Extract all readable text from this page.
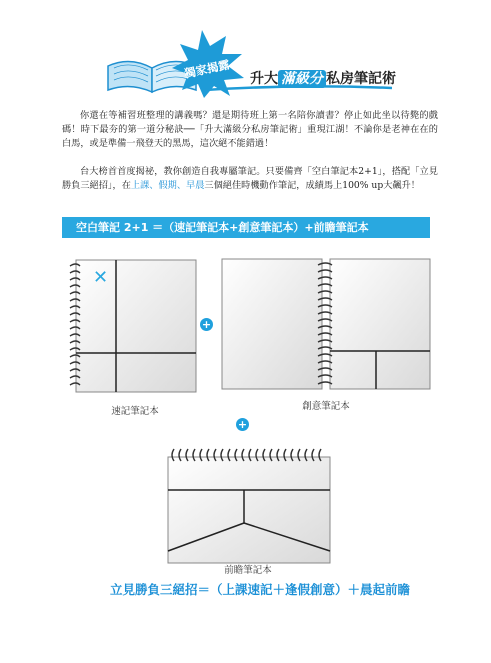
獨家揭露 升大 滿級分 私房筆記術
你還在等補習班整理的講義嗎？還是期待班上第一名陪你讀書？停止如此坐以待斃的戲碼！時下最夯的第一道分秘訣──「升大滿級分私房筆記術」重現江湖！不論你是老神在在的白馬，或是準備一飛登天的黑馬，這次絕不能錯過！
台大榜首首度揭祕，教你創造自我專屬筆記。只要備齊「空白筆記本2+1」，搭配「立見勝負三絕招」，在上課、假期、早晨三個絕佳時機動作筆記，成績馬上100% up大飆升！
空白筆記 2+1 ＝（速記筆記本+創意筆記本）+前瞻筆記本
✕
速記筆記本
+
創意筆記本
+
前瞻筆記本
立見勝負三絕招＝（上課速記＋逢假創意）＋晨起前瞻
